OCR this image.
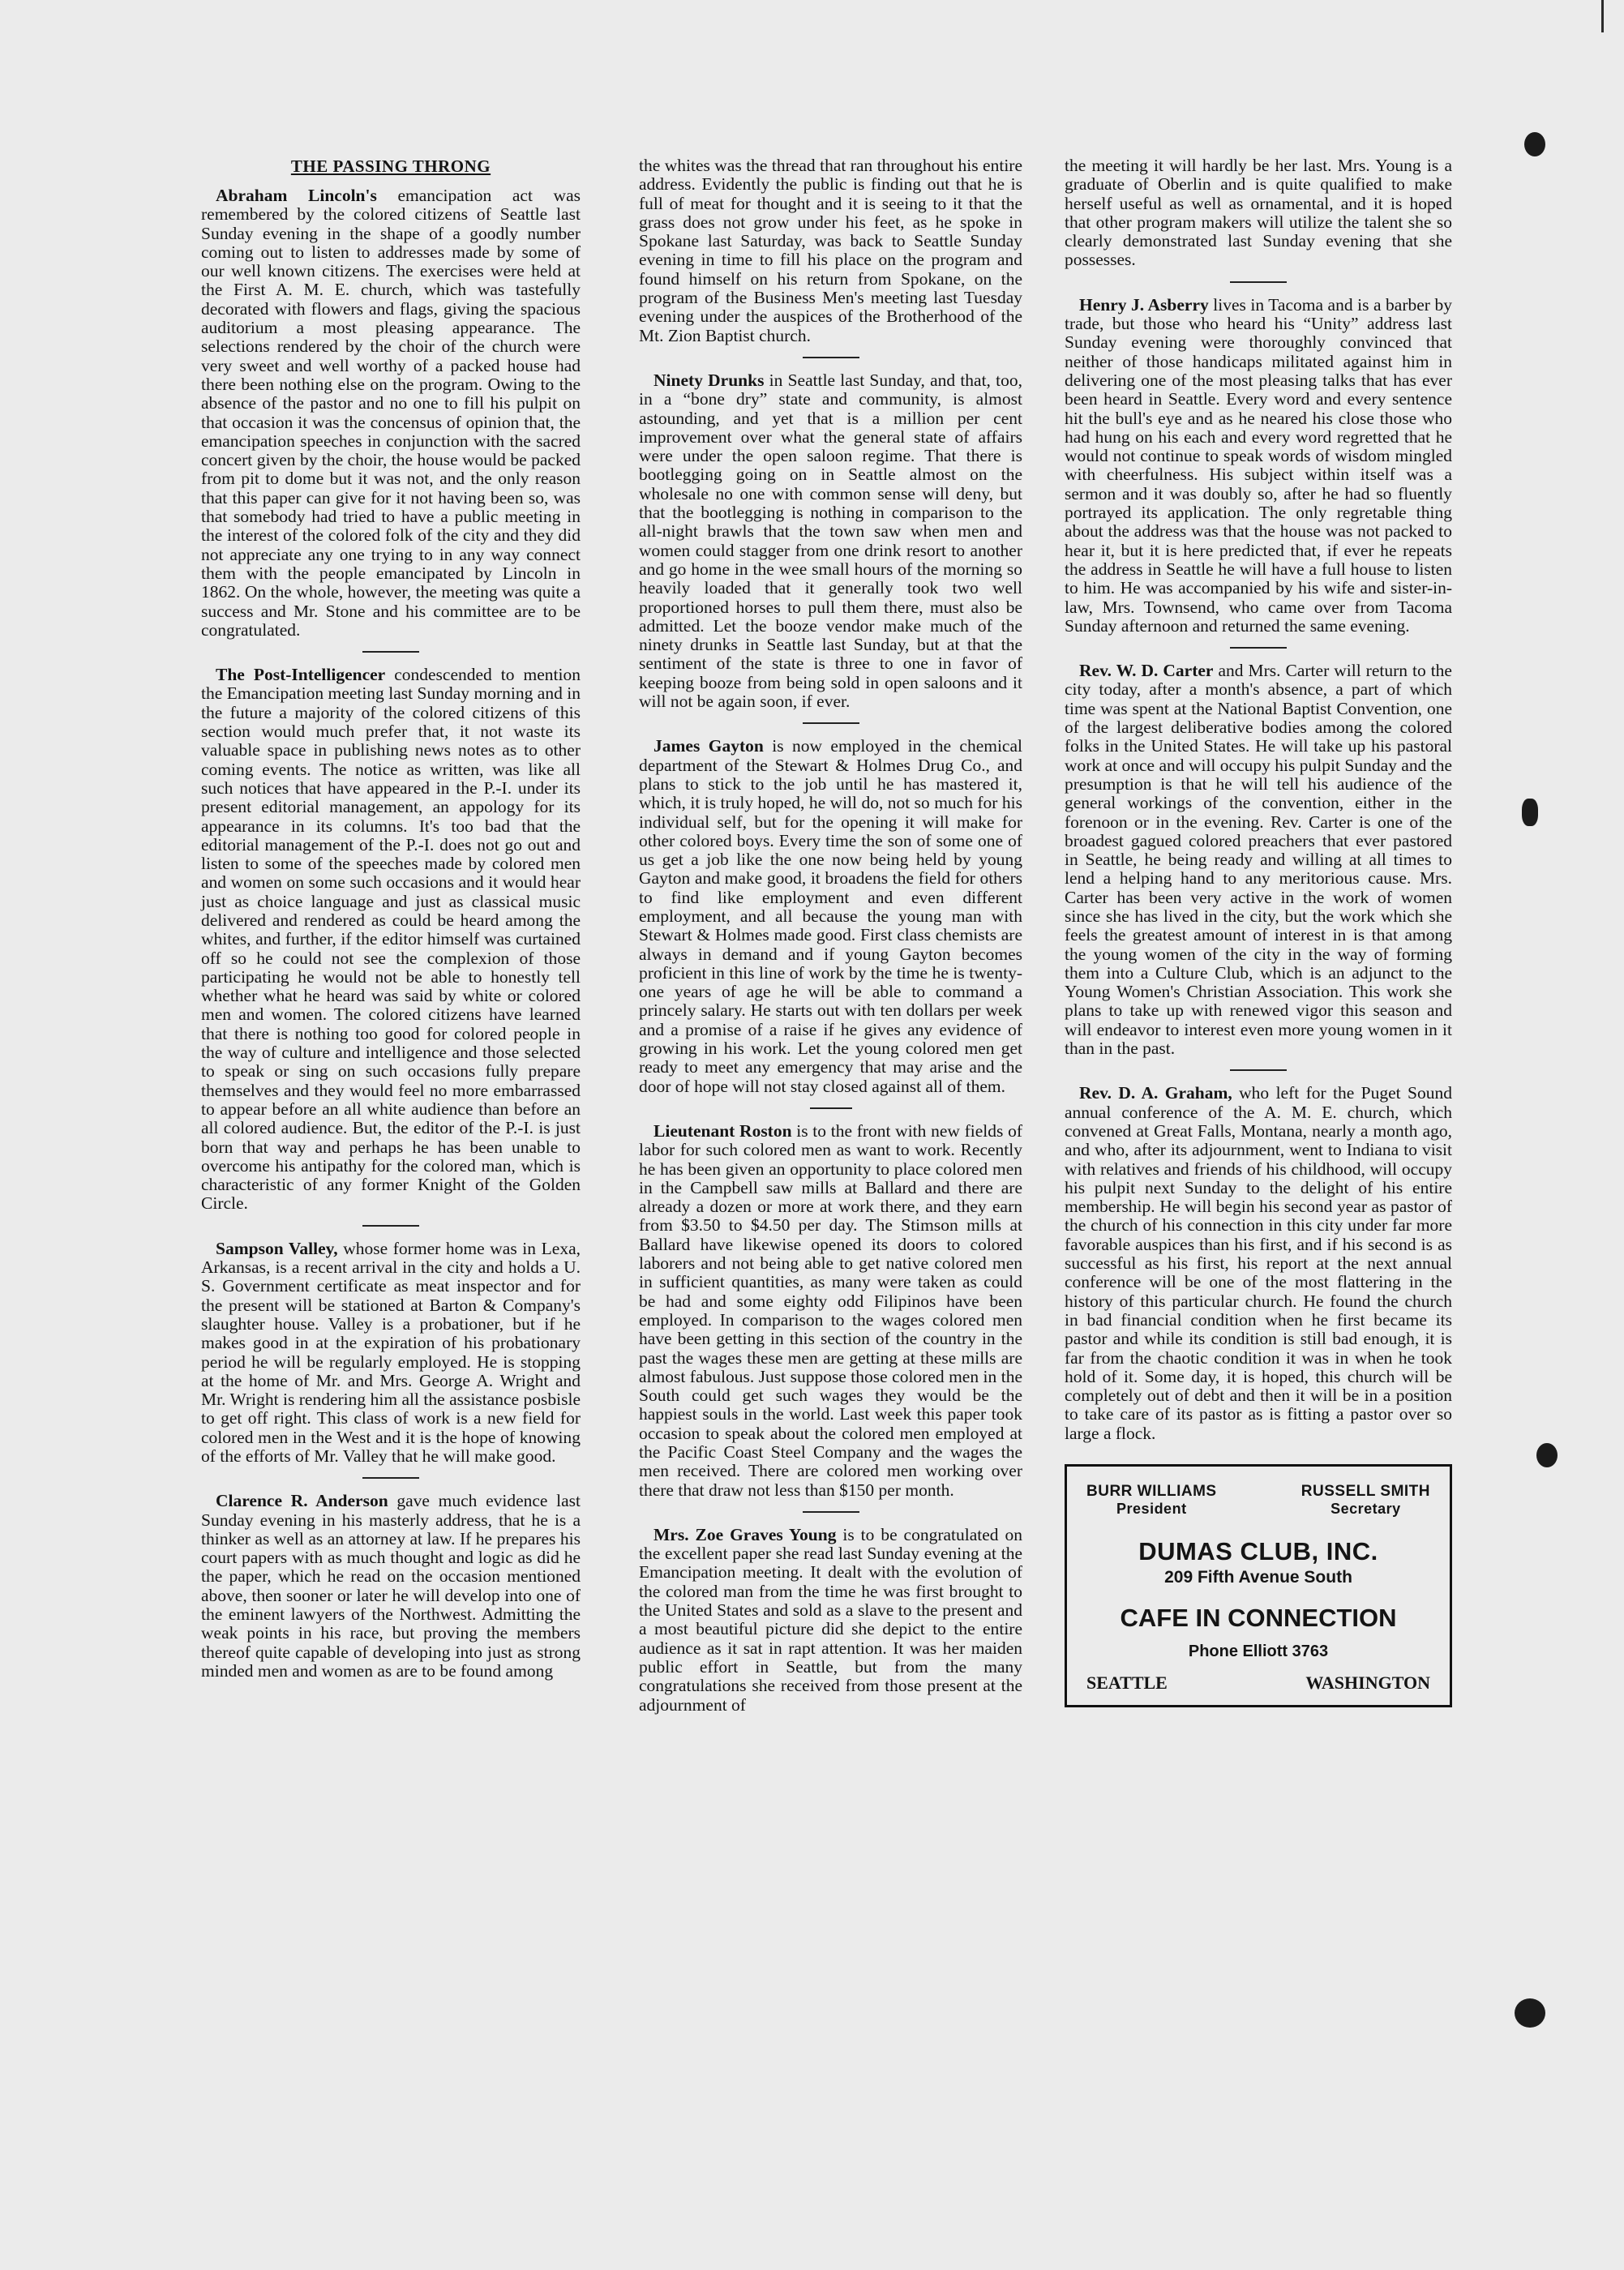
THE PASSING THRONG

Abraham Lincoln's emancipation act was remembered by the colored citizens of Seattle last Sunday evening in the shape of a goodly number coming out to listen to addresses made by some of our well known citizens. The exercises were held at the First A. M. E. church, which was tastefully decorated with flowers and flags, giving the spacious auditorium a most pleasing appearance. The selections rendered by the choir of the church were very sweet and well worthy of a packed house had there been nothing else on the program. Owing to the absence of the pastor and no one to fill his pulpit on that occasion it was the concensus of opinion that, the emancipation speeches in conjunction with the sacred concert given by the choir, the house would be packed from pit to dome but it was not, and the only reason that this paper can give for it not having been so, was that somebody had tried to have a public meeting in the interest of the colored folk of the city and they did not appreciate any one trying to in any way connect them with the people emancipated by Lincoln in 1862. On the whole, however, the meeting was quite a success and Mr. Stone and his committee are to be congratulated.

The Post-Intelligencer condescended to mention the Emancipation meeting last Sunday morning and in the future a majority of the colored citizens of this section would much prefer that, it not waste its valuable space in publishing news notes as to other coming events. The notice as written, was like all such notices that have appeared in the P.-I. under its present editorial management, an appology for its appearance in its columns. It's too bad that the editorial management of the P.-I. does not go out and listen to some of the speeches made by colored men and women on some such occasions and it would hear just as choice language and just as classical music delivered and rendered as could be heard among the whites, and further, if the editor himself was curtained off so he could not see the complexion of those participating he would not be able to honestly tell whether what he heard was said by white or colored men and women. The colored citizens have learned that there is nothing too good for colored people in the way of culture and intelligence and those selected to speak or sing on such occasions fully prepare themselves and they would feel no more embarrassed to appear before an all white audience than before an all colored audience. But, the editor of the P.-I. is just born that way and perhaps he has been unable to overcome his antipathy for the colored man, which is characteristic of any former Knight of the Golden Circle.

Sampson Valley, whose former home was in Lexa, Arkansas, is a recent arrival in the city and holds a U. S. Government certificate as meat inspector and for the present will be stationed at Barton & Company's slaughter house. Valley is a probationer, but if he makes good in at the expiration of his probationary period he will be regularly employed. He is stopping at the home of Mr. and Mrs. George A. Wright and Mr. Wright is rendering him all the assistance posbisle to get off right. This class of work is a new field for colored men in the West and it is the hope of knowing of the efforts of Mr. Valley that he will make good.

Clarence R. Anderson gave much evidence last Sunday evening in his masterly address, that he is a thinker as well as an attorney at law. If he prepares his court papers with as much thought and logic as did he the paper, which he read on the occasion mentioned above, then sooner or later he will develop into one of the eminent lawyers of the Northwest. Admitting the weak points in his race, but proving the members thereof quite capable of developing into just as strong minded men and women as are to be found among

the whites was the thread that ran throughout his entire address. Evidently the public is finding out that he is full of meat for thought and it is seeing to it that the grass does not grow under his feet, as he spoke in Spokane last Saturday, was back to Seattle Sunday evening in time to fill his place on the program and found himself on his return from Spokane, on the program of the Business Men's meeting last Tuesday evening under the auspices of the Brotherhood of the Mt. Zion Baptist church.

Ninety Drunks in Seattle last Sunday, and that, too, in a “bone dry” state and community, is almost astounding, and yet that is a million per cent improvement over what the general state of affairs were under the open saloon regime. That there is bootlegging going on in Seattle almost on the wholesale no one with common sense will deny, but that the bootlegging is nothing in comparison to the all-night brawls that the town saw when men and women could stagger from one drink resort to another and go home in the wee small hours of the morning so heavily loaded that it generally took two well proportioned horses to pull them there, must also be admitted. Let the booze vendor make much of the ninety drunks in Seattle last Sunday, but at that the sentiment of the state is three to one in favor of keeping booze from being sold in open saloons and it will not be again soon, if ever.

James Gayton is now employed in the chemical department of the Stewart & Holmes Drug Co., and plans to stick to the job until he has mastered it, which, it is truly hoped, he will do, not so much for his individual self, but for the opening it will make for other colored boys. Every time the son of some one of us get a job like the one now being held by young Gayton and make good, it broadens the field for others to find like employment and even different employment, and all because the young man with Stewart & Holmes made good. First class chemists are always in demand and if young Gayton becomes proficient in this line of work by the time he is twenty-one years of age he will be able to command a princely salary. He starts out with ten dollars per week and a promise of a raise if he gives any evidence of growing in his work. Let the young colored men get ready to meet any emergency that may arise and the door of hope will not stay closed against all of them.

Lieutenant Roston is to the front with new fields of labor for such colored men as want to work. Recently he has been given an opportunity to place colored men in the Campbell saw mills at Ballard and there are already a dozen or more at work there, and they earn from $3.50 to $4.50 per day. The Stimson mills at Ballard have likewise opened its doors to colored laborers and not being able to get native colored men in sufficient quantities, as many were taken as could be had and some eighty odd Filipinos have been employed. In comparison to the wages colored men have been getting in this section of the country in the past the wages these men are getting at these mills are almost fabulous. Just suppose those colored men in the South could get such wages they would be the happiest souls in the world. Last week this paper took occasion to speak about the colored men employed at the Pacific Coast Steel Company and the wages the men received. There are colored men working over there that draw not less than $150 per month.

Mrs. Zoe Graves Young is to be congratulated on the excellent paper she read last Sunday evening at the Emancipation meeting. It dealt with the evolution of the colored man from the time he was first brought to the United States and sold as a slave to the present and a most beautiful picture did she depict to the entire audience as it sat in rapt attention. It was her maiden public effort in Seattle, but from the many congratulations she received from those present at the adjournment of

the meeting it will hardly be her last. Mrs. Young is a graduate of Oberlin and is quite qualified to make herself useful as well as ornamental, and it is hoped that other program makers will utilize the talent she so clearly demonstrated last Sunday evening that she possesses.

Henry J. Asberry lives in Tacoma and is a barber by trade, but those who heard his “Unity” address last Sunday evening were thoroughly convinced that neither of those handicaps militated against him in delivering one of the most pleasing talks that has ever been heard in Seattle. Every word and every sentence hit the bull's eye and as he neared his close those who had hung on his each and every word regretted that he would not continue to speak words of wisdom mingled with cheerfulness. His subject within itself was a sermon and it was doubly so, after he had so fluently portrayed its application. The only regretable thing about the address was that the house was not packed to hear it, but it is here predicted that, if ever he repeats the address in Seattle he will have a full house to listen to him. He was accompanied by his wife and sister-in-law, Mrs. Townsend, who came over from Tacoma Sunday afternoon and returned the same evening.

Rev. W. D. Carter and Mrs. Carter will return to the city today, after a month's absence, a part of which time was spent at the National Baptist Convention, one of the largest deliberative bodies among the colored folks in the United States. He will take up his pastoral work at once and will occupy his pulpit Sunday and the presumption is that he will tell his audience of the general workings of the convention, either in the forenoon or in the evening. Rev. Carter is one of the broadest gagued colored preachers that ever pastored in Seattle, he being ready and willing at all times to lend a helping hand to any meritorious cause. Mrs. Carter has been very active in the work of women since she has lived in the city, but the work which she feels the greatest amount of interest in is that among the young women of the city in the way of forming them into a Culture Club, which is an adjunct to the Young Women's Christian Association. This work she plans to take up with renewed vigor this season and will endeavor to interest even more young women in it than in the past.

Rev. D. A. Graham, who left for the Puget Sound annual conference of the A. M. E. church, which convened at Great Falls, Montana, nearly a month ago, and who, after its adjournment, went to Indiana to visit with relatives and friends of his childhood, will occupy his pulpit next Sunday to the delight of his entire membership. He will begin his second year as pastor of the church of his connection in this city under far more favorable auspices than his first, and if his second is as successful as his first, his report at the next annual conference will be one of the most flattering in the history of this particular church. He found the church in bad financial condition when he first became its pastor and while its condition is still bad enough, it is far from the chaotic condition it was in when he took hold of it. Some day, it is hoped, this church will be completely out of debt and then it will be in a position to take care of its pastor as is fitting a pastor over so large a flock.

BURR WILLIAMS
President
RUSSELL SMITH
Secretary
DUMAS CLUB, INC.
209 Fifth Avenue South
CAFE IN CONNECTION
Phone Elliott 3763
SEATTLE	WASHINGTON
